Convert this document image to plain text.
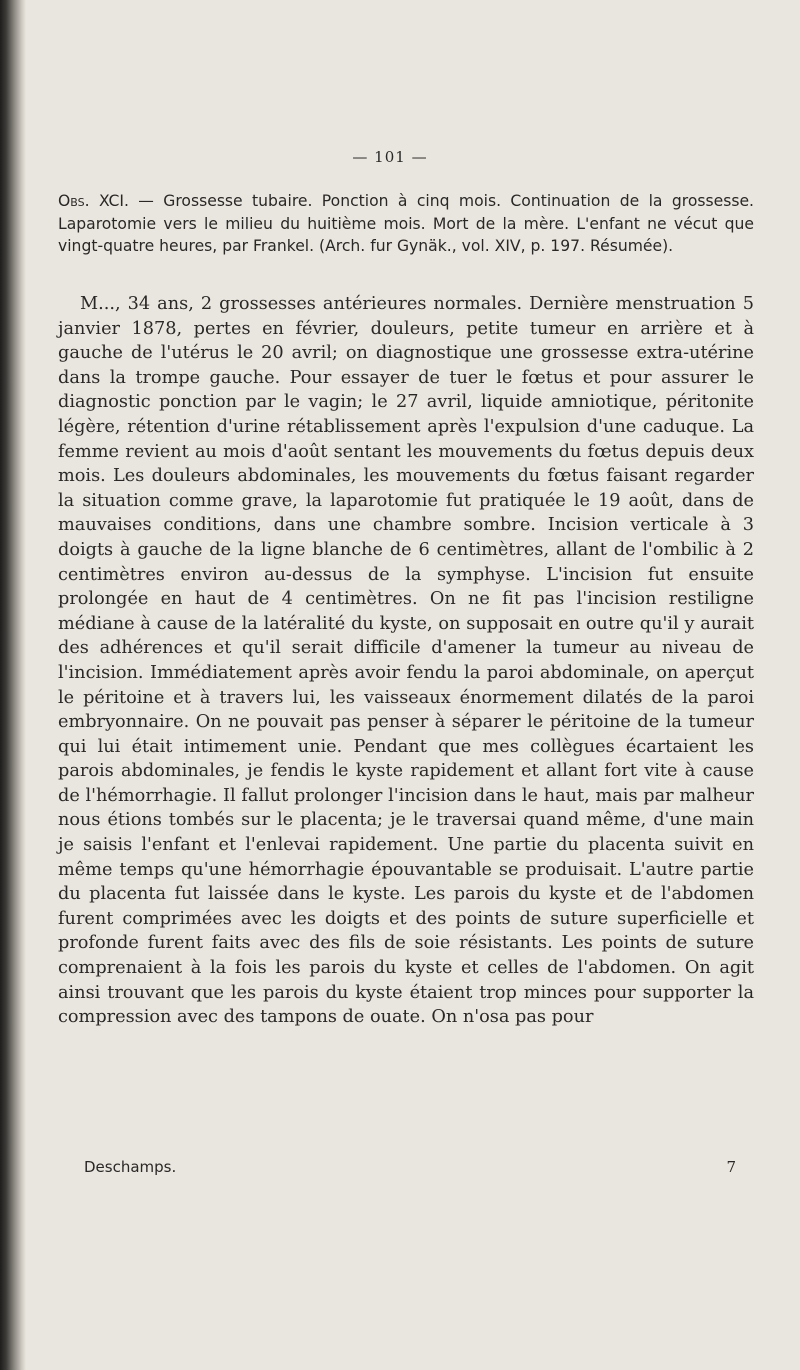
— 101 —
Obs. XCI. — Grossesse tubaire. Ponction à cinq mois. Continuation de la grossesse. Laparotomie vers le milieu du huitième mois. Mort de la mère. L'enfant ne vécut que vingt-quatre heures, par Frankel. (Arch. fur Gynäk., vol. XIV, p. 197. Résumée).

M..., 34 ans, 2 grossesses antérieures normales. Dernière menstruation 5 janvier 1878, pertes en février, douleurs, petite tumeur en arrière et à gauche de l'utérus le 20 avril; on diagnostique une grossesse extra-utérine dans la trompe gauche. Pour essayer de tuer le fœtus et pour assurer le diagnostic ponction par le vagin; le 27 avril, liquide amniotique, péritonite légère, rétention d'urine rétablissement après l'expulsion d'une caduque. La femme revient au mois d'août sentant les mouvements du fœtus depuis deux mois. Les douleurs abdominales, les mouvements du fœtus faisant regarder la situation comme grave, la laparotomie fut pratiquée le 19 août, dans de mauvaises conditions, dans une chambre sombre. Incision verticale à 3 doigts à gauche de la ligne blanche de 6 centimètres, allant de l'ombilic à 2 centimètres environ au-dessus de la symphyse. L'incision fut ensuite prolongée en haut de 4 centimètres. On ne fit pas l'incision restiligne médiane à cause de la latéralité du kyste, on supposait en outre qu'il y aurait des adhérences et qu'il serait difficile d'amener la tumeur au niveau de l'incision. Immédiatement après avoir fendu la paroi abdominale, on aperçut le péritoine et à travers lui, les vaisseaux énormement dilatés de la paroi embryonnaire. On ne pouvait pas penser à séparer le péritoine de la tumeur qui lui était intimement unie. Pendant que mes collègues écartaient les parois abdominales, je fendis le kyste rapidement et allant fort vite à cause de l'hémorrhagie. Il fallut prolonger l'incision dans le haut, mais par malheur nous étions tombés sur le placenta; je le traversai quand même, d'une main je saisis l'enfant et l'enlevai rapidement. Une partie du placenta suivit en même temps qu'une hémorrhagie épouvantable se produisait. L'autre partie du placenta fut laissée dans le kyste. Les parois du kyste et de l'abdomen furent comprimées avec les doigts et des points de suture superficielle et profonde furent faits avec des fils de soie résistants. Les points de suture comprenaient à la fois les parois du kyste et celles de l'abdomen. On agit ainsi trouvant que les parois du kyste étaient trop minces pour supporter la compression avec des tampons de ouate. On n'osa pas pour

Deschamps.	7
